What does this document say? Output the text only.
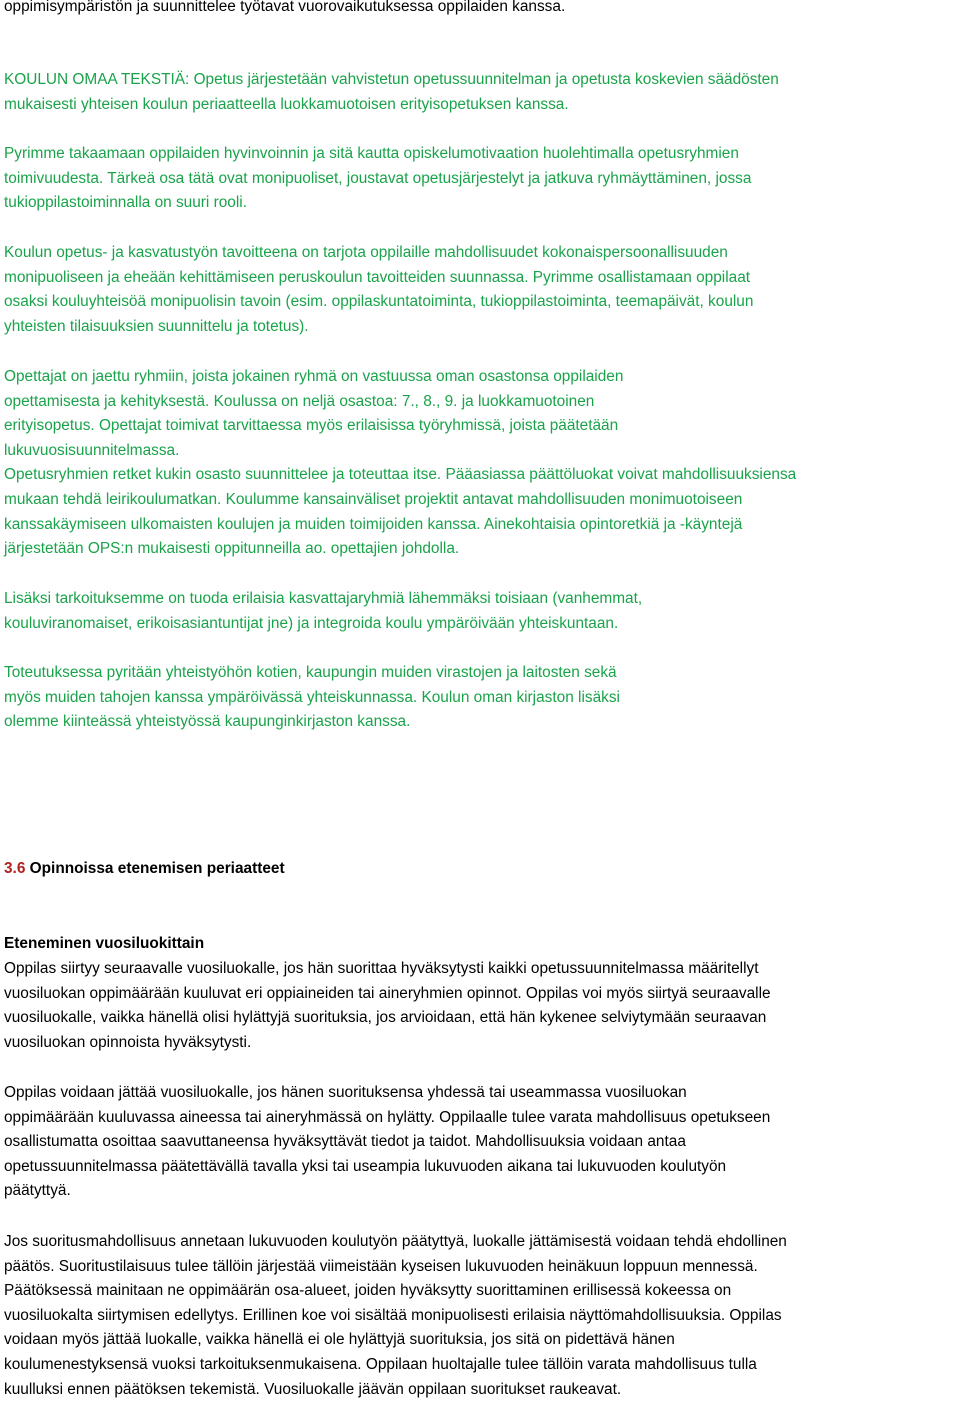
oppimisympäristön ja suunnittelee työtavat vuorovaikutuksessa oppilaiden kanssa.
KOULUN OMAA TEKSTIÄ: Opetus järjestetään vahvistetun opetussuunnitelman ja opetusta koskevien säädösten
mukaisesti yhteisen koulun periaatteella luokkamuotoisen erityisopetuksen kanssa.
Pyrimme takaamaan oppilaiden hyvinvoinnin ja sitä kautta opiskelumotivaation huolehtimalla opetusryhmien
toimivuudesta. Tärkeä osa tätä ovat monipuoliset, joustavat opetusjärjestelyt ja jatkuva ryhmäyttäminen, jossa
tukioppilastoiminnalla on suuri rooli.
Koulun opetus- ja kasvatustyön tavoitteena on tarjota oppilaille mahdollisuudet kokonaispersoonallisuuden
monipuoliseen ja eheään kehittämiseen peruskoulun tavoitteiden suunnassa. Pyrimme osallistamaan oppilaat
osaksi kouluyhteisöä monipuolisin tavoin (esim. oppilaskuntatoiminta, tukioppilastoiminta, teemapäivät, koulun
yhteisten tilaisuuksien suunnittelu ja totetus).
Opettajat on jaettu ryhmiin, joista jokainen ryhmä on vastuussa oman osastonsa oppilaiden
opettamisesta ja kehityksestä. Koulussa on neljä osastoa: 7., 8., 9. ja luokkamuotoinen
erityisopetus. Opettajat toimivat tarvittaessa myös erilaisissa työryhmissä, joista päätetään
lukuvuosisuunnitelmassa.
Opetusryhmien retket kukin osasto suunnittelee ja toteuttaa itse. Pääasiassa päättöluokat voivat mahdollisuuksiensa
mukaan tehdä leirikoulumatkan. Koulumme kansainväliset projektit antavat mahdollisuuden monimuotoiseen
kanssakäymiseen ulkomaisten koulujen ja muiden toimijoiden kanssa. Ainekohtaisia opintoretkiä ja -käyntejä
järjestetään OPS:n mukaisesti oppitunneilla ao. opettajien johdolla.
Lisäksi tarkoituksemme on tuoda erilaisia kasvattajaryhmiä lähemmäksi toisiaan (vanhemmat,
kouluviranomaiset, erikoisasiantuntijat jne) ja integroida koulu ympäröivään yhteiskuntaan.
Toteutuksessa pyritään yhteistyöhön kotien, kaupungin muiden virastojen ja laitosten sekä
myös muiden tahojen kanssa ympäröivässä yhteiskunnassa. Koulun oman kirjaston lisäksi
olemme kiinteässä yhteistyössä kaupunginkirjaston kanssa.
3.6 Opinnoissa etenemisen periaatteet
Eteneminen vuosiluokittain
Oppilas siirtyy seuraavalle vuosiluokalle, jos hän suorittaa hyväksytysti kaikki opetussuunnitelmassa määritellyt
vuosiluokan oppimäärään kuuluvat eri oppiaineiden tai aineryhmien opinnot. Oppilas voi myös siirtyä seuraavalle
vuosiluokalle, vaikka hänellä olisi hylättyjä suorituksia, jos arvioidaan, että hän kykenee selviytymään seuraavan
vuosiluokan opinnoista hyväksytysti.
Oppilas voidaan jättää vuosiluokalle, jos hänen suorituksensa yhdessä tai useammassa vuosiluokan
oppimäärään kuuluvassa aineessa tai aineryhmässä on hylätty. Oppilaalle tulee varata mahdollisuus opetukseen
osallistumatta osoittaa saavuttaneensa hyväksyttävät tiedot ja taidot. Mahdollisuuksia voidaan antaa
opetussuunnitelmassa päätettävällä tavalla yksi tai useampia lukuvuoden aikana tai lukuvuoden koulutyön
päätyttyä.
Jos suoritusmahdollisuus annetaan lukuvuoden koulutyön päätyttyä, luokalle jättämisestä voidaan tehdä ehdollinen
päätös. Suoritustilaisuus tulee tällöin järjestää viimeistään kyseisen lukuvuoden heinäkuun loppuun mennessä.
Päätöksessä mainitaan ne oppimäärän osa-alueet, joiden hyväksytty suorittaminen erillisessä kokeessa on
vuosiluokalta siirtymisen edellytys. Erillinen koe voi sisältää monipuolisesti erilaisia näyttömahdollisuuksia. Oppilas
voidaan myös jättää luokalle, vaikka hänellä ei ole hylättyjä suorituksia, jos sitä on pidettävä hänen
koulumenestyksensä vuoksi tarkoituksenmukaisena. Oppilaan huoltajalle tulee tällöin varata mahdollisuus tulla
kuulluksi ennen päätöksen tekemistä. Vuosiluokalle jäävän oppilaan suoritukset raukeavat.
